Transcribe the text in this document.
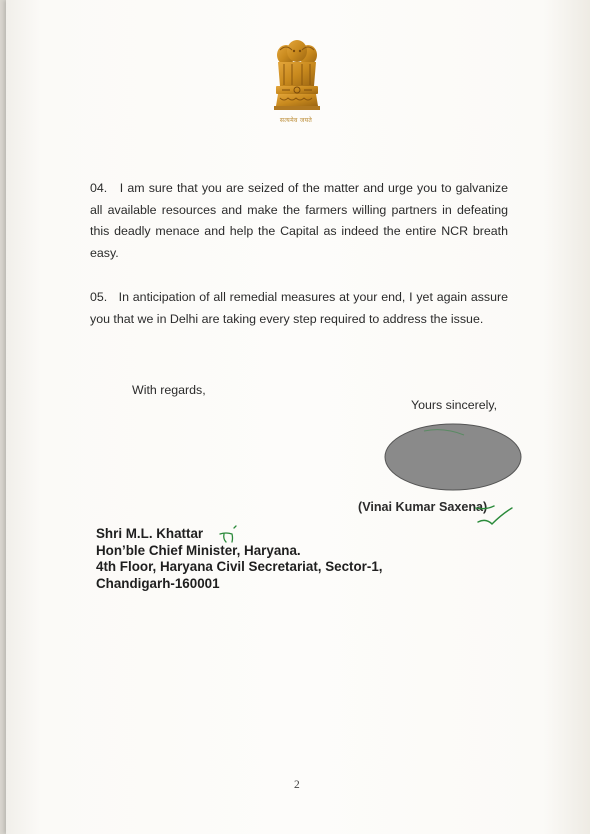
सत्यमेव जयते

04. I am sure that you are seized of the matter and urge you to galvanize all available resources and make the farmers willing partners in defeating this deadly menace and help the Capital as indeed the entire NCR breath easy.

05. In anticipation of all remedial measures at your end, I yet again assure you that we in Delhi are taking every step required to address the issue.

With regards,
Yours sincerely,
(Vinai Kumar Saxena)
Shri M.L. Khattar
Hon’ble Chief Minister, Haryana.
4th Floor, Haryana Civil Secretariat, Sector-1,
Chandigarh-160001
2
